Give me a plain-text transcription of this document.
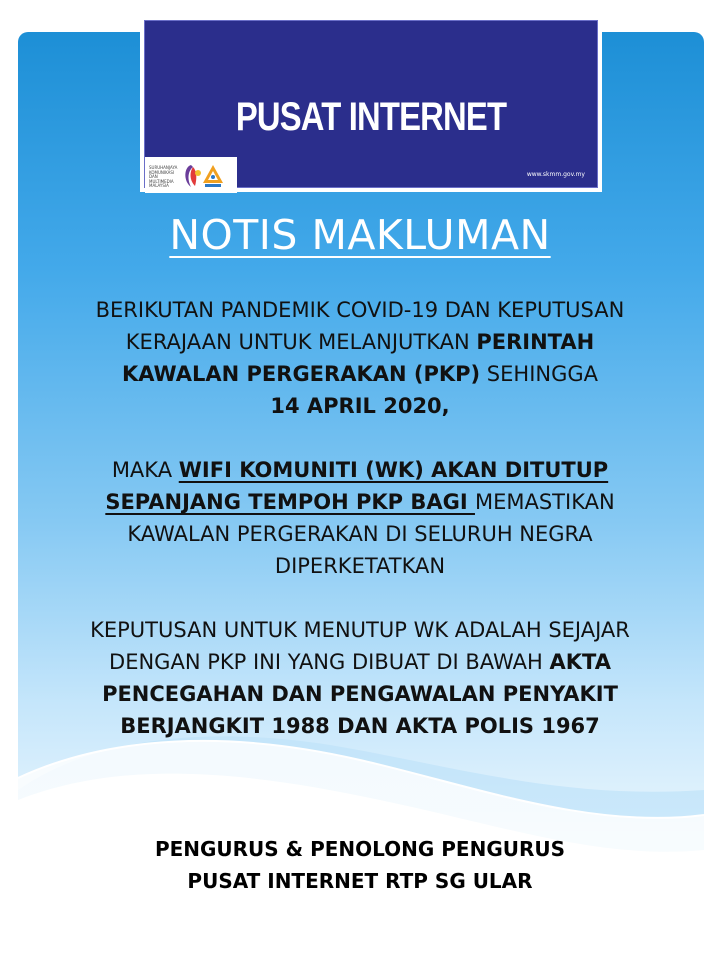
PUSAT INTERNET
SURUHANJAYA KOMUNIKASI DAN MULTIMEDIA MALAYSIA
www.skmm.gov.my
NOTIS MAKLUMAN
BERIKUTAN PANDEMIK COVID-19 DAN KEPUTUSAN
KERAJAAN UNTUK MELANJUTKAN PERINTAH
KAWALAN PERGERAKAN (PKP) SEHINGGA
14 APRIL 2020,
MAKA WIFI KOMUNITI (WK) AKAN DITUTUP
SEPANJANG TEMPOH PKP BAGI MEMASTIKAN
KAWALAN PERGERAKAN DI SELURUH NEGRA
DIPERKETATKAN
KEPUTUSAN UNTUK MENUTUP WK ADALAH SEJAJAR
DENGAN PKP INI YANG DIBUAT DI BAWAH AKTA
PENCEGAHAN DAN PENGAWALAN PENYAKIT
BERJANGKIT 1988 DAN AKTA POLIS 1967
PENGURUS & PENOLONG PENGURUS
PUSAT INTERNET RTP SG ULAR
